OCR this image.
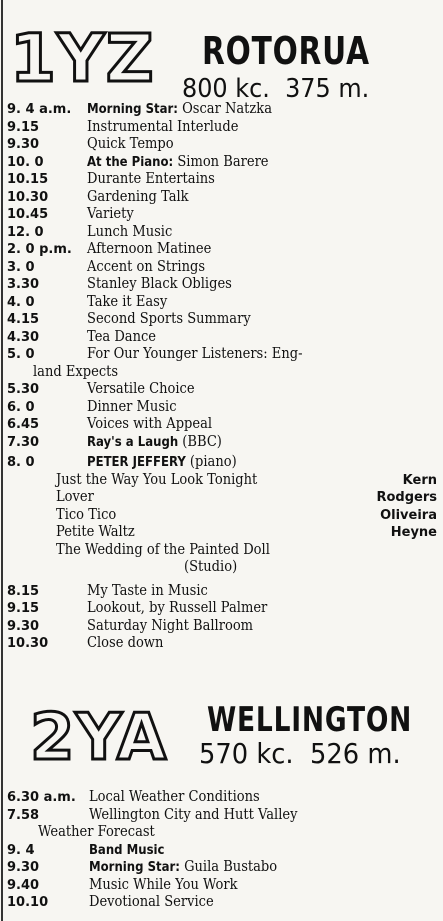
1YZ ROTORUA
800 kc. 375 m.
9. 4 a.m. Morning Star: Oscar Natzka
9.15	Instrumental Interlude
9.30	Quick Tempo
10. 0	At the Piano: Simon Barere
10.15	Durante Entertains
10.30	Gardening Talk
10.45	Variety
12. 0	Lunch Music
2. 0 p.m. Afternoon Matinee
3. 0	Accent on Strings
3.30	Stanley Black Obliges
4. 0	Take it Easy
4.15	Second Sports Summary
4.30	Tea Dance
5. 0	For Our Younger Listeners: Eng-
land Expects
5.30	Versatile Choice
6. 0	Dinner Music
6.45	Voices with Appeal
7.30	Ray's a Laugh (BBC)
8. 0	PETER JEFFERY (piano)
Just the Way You Look Tonight	Kern
Lover	Rodgers
Tico Tico	Oliveira
Petite Waltz	Heyne
The Wedding of the Painted Doll
(Studio)
8.15	My Taste in Music
9.15	Lookout, by Russell Palmer
9.30	Saturday Night Ballroom
10.30	Close down
2YA WELLINGTON
570 kc. 526 m.
6.30 a.m. Local Weather Conditions
7.58	Wellington City and Hutt Valley
Weather Forecast
9. 4	Band Music
9.30	Morning Star: Guila Bustabo
9.40	Music While You Work
10.10	Devotional Service
